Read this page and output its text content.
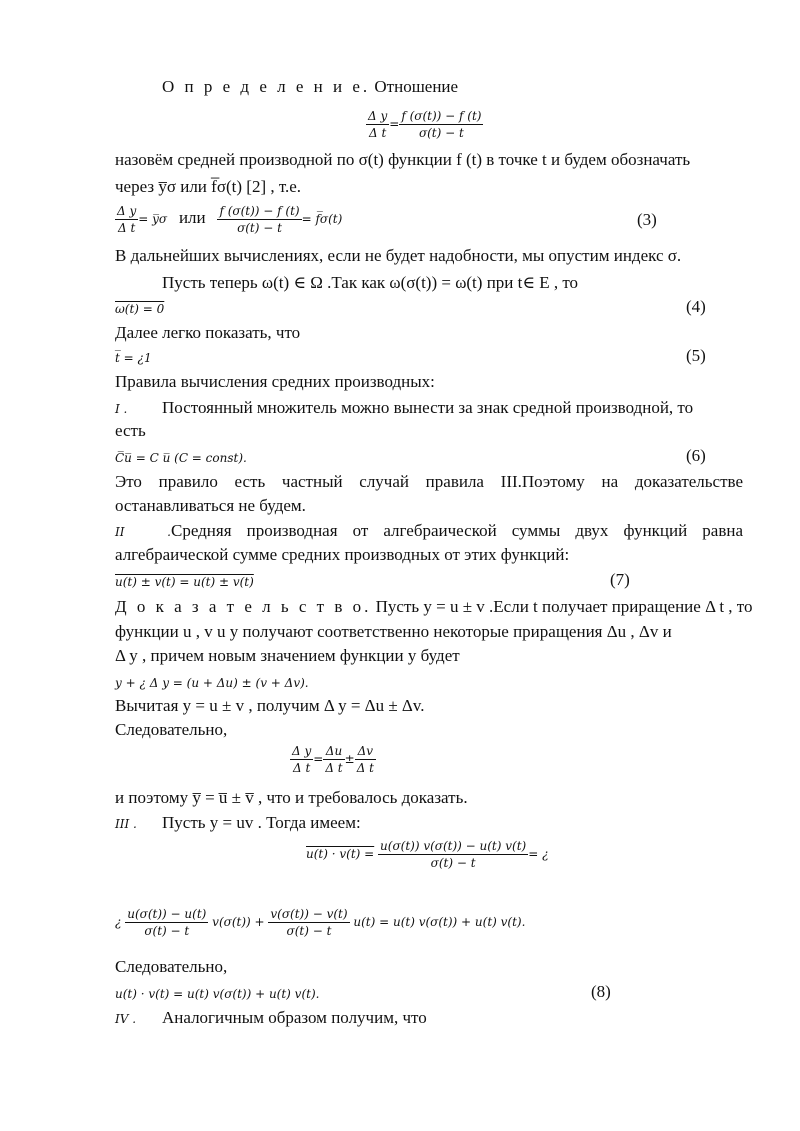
О п р е д е л е н и е. Отношение
$\frac{\text{Δ y}}{\text{Δ t}} = \frac{f (\sigma(t)) - f (t)}{\sigma(t) - t}$
назовём средней производной по σ(t) функции f (t) в точке t и будем обозначать
через y̅σ или f̅σ(t) [2] , т.е.
$\frac{\text{Δ y}}{\text{Δ t}}$ = y̅σ или $\frac{f (\sigma(t)) - f (t)}{\sigma(t) - t}$ = f̅σ(t)	(3)
В дальнейших вычислениях, если не будет надобности, мы опустим индекс σ.
Пусть теперь ω(t) ∈ Ω .Так как ω(σ(t)) = ω(t) при t∈ E , то
ω(t) = 0	(4)
Далее легко показать, что
t̅ = ¿1	(5)
Правила вычисления средних производных:
I . Постоянный множитель можно вынести за знак средной производной, то
есть
C̅u̅ = C u̅ (C = const).	(6)
Это правило есть частный случай правила III.Поэтому на доказательстве
останавливаться не будем.
II .Средняя производная от алгебраической суммы двух функций равна
алгебраической сумме средних производных от этих функций:
u(t) ± v(t) = u(t) ± v(t)	(7)
Д о к а з а т е л ь с т в о. Пусть y = u ± v .Если t получает приращение Δ t , то
функции u , v u y получают соответственно некоторые приращения Δu , Δv и
Δ y , причем новым значением функции y будет
y + ¿ Δ y = (u + Δu) ± (v + Δv).
Вычитая y = u ± v , получим Δ y = Δu ± Δv.
Следовательно,
$\frac{\text{Δ y}}{\text{Δ t}} = \frac{\Delta u}{\text{Δ t}} \pm \frac{\Delta v}{\text{Δ t}}$
и поэтому y̅ = u̅ ± v̅ , что и требовалось доказать.
III . Пусть y = uv . Тогда имеем:
$u(t) \cdot v(t) = \frac{u(\sigma(t)) v(\sigma(t)) - u(t) v(t)}{\sigma(t) - t}$ = ¿
¿ $\frac{u(\sigma(t)) - u(t)}{\sigma(t) - t} v(\sigma(t)) + \frac{v(\sigma(t)) - v(t)}{\sigma(t) - t} u(t) = u(t) v(\sigma(t)) + u(t)$ v(t).
Следовательно,
u(t) · v(t) = u(t) v(σ(t)) + u(t) v(t).	(8)
IV . Аналогичным образом получим, что
